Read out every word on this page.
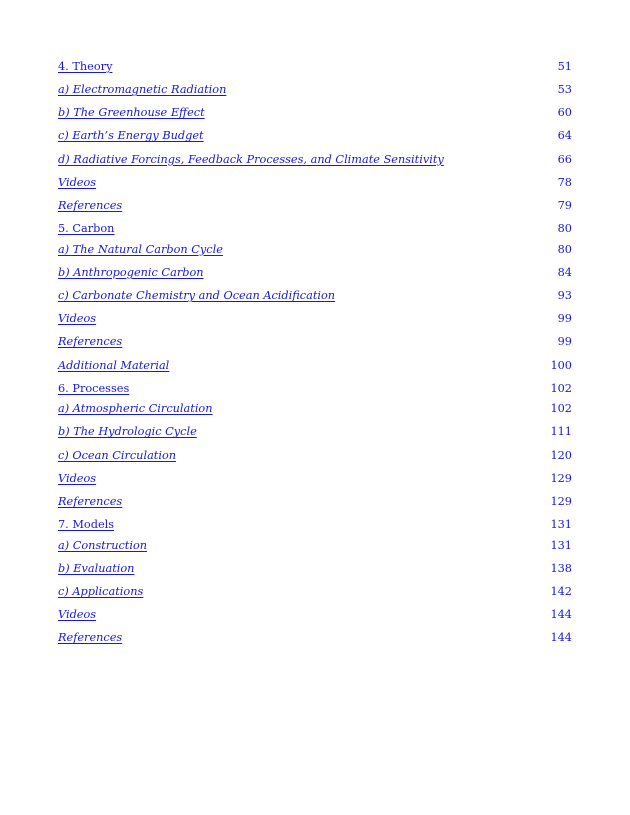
4. Theory	51
a) Electromagnetic Radiation	53
b) The Greenhouse Effect	60
c) Earth’s Energy Budget	64
d) Radiative Forcings, Feedback Processes, and Climate Sensitivity	66
Videos	78
References	79
5. Carbon	80
a) The Natural Carbon Cycle	80
b) Anthropogenic Carbon	84
c) Carbonate Chemistry and Ocean Acidification	93
Videos	99
References	99
Additional Material	100
6. Processes	102
a) Atmospheric Circulation	102
b) The Hydrologic Cycle	111
c) Ocean Circulation	120
Videos	129
References	129
7. Models	131
a) Construction	131
b) Evaluation	138
c) Applications	142
Videos	144
References	144
